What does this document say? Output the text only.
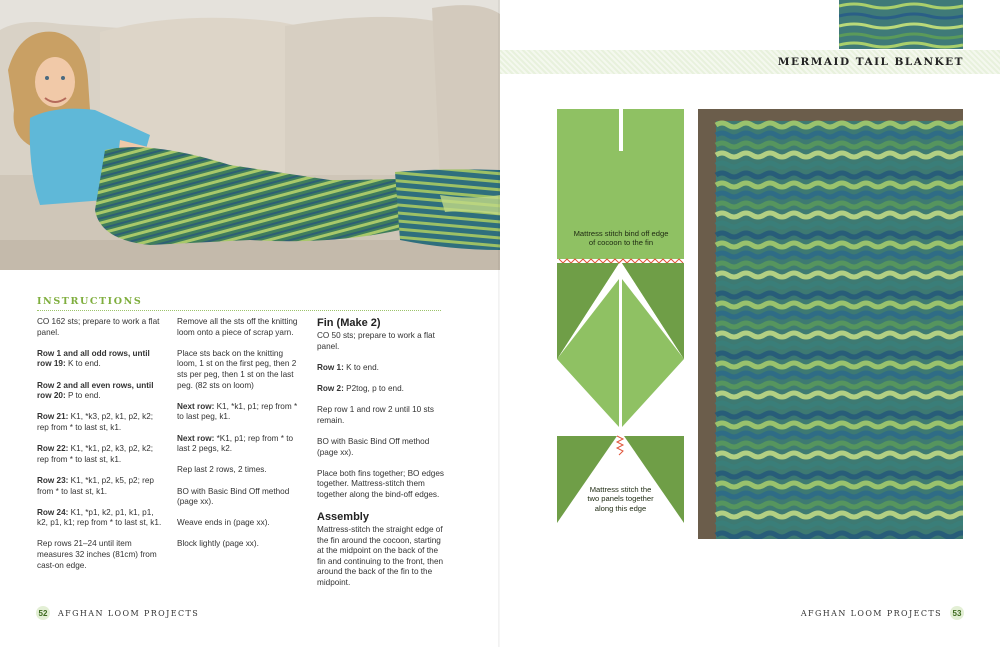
INSTRUCTIONS

CO 162 sts; prepare to work a flat panel.

Row 1 and all odd rows, until row 19: K to end.

Row 2 and all even rows, until row 20: P to end.

Row 21: K1, *k3, p2, k1, p2, k2; rep from * to last st, k1.

Row 22: K1, *k1, p2, k3, p2, k2; rep from * to last st, k1.

Row 23: K1, *k1, p2, k5, p2; rep from * to last st, k1.

Row 24: K1, *p1, k2, p1, k1, p1, k2, p1, k1; rep from * to last st, k1.

Rep rows 21–24 until item measures 32 inches (81cm) from cast-on edge.

Remove all the sts off the knitting loom onto a piece of scrap yarn.

Place sts back on the knitting loom, 1 st on the first peg, then 2 sts per peg, then 1 st on the last peg. (82 sts on loom)

Next row: K1, *k1, p1; rep from * to last peg, k1.

Next row: *K1, p1; rep from * to last 2 pegs, k2.

Rep last 2 rows, 2 times.

BO with Basic Bind Off method (page xx).

Weave ends in (page xx).

Block lightly (page xx).

Fin (Make 2)

CO 50 sts; prepare to work a flat panel.

Row 1: K to end.

Row 2: P2tog, p to end.

Rep row 1 and row 2 until 10 sts remain.

BO with Basic Bind Off method (page xx).

Place both fins together; BO edges together. Mattress-stitch them together along the bind-off edges.

Assembly

Mattress-stitch the straight edge of the fin around the cocoon, starting at the midpoint on the back of the fin and continuing to the front, then around the back of the fin to the midpoint.

52	AFGHAN LOOM PROJECTS
MERMAID TAIL BLANKET
Mattress stitch bind off edge of cocoon to the fin
Mattress stitch the two panels together along this edge
AFGHAN LOOM PROJECTS	53
